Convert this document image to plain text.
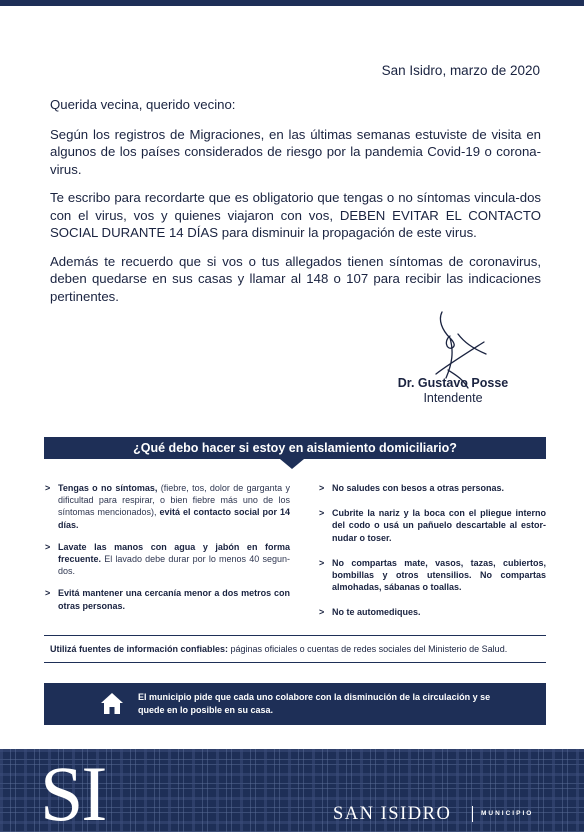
San Isidro, marzo de 2020

Querida vecina, querido vecino:

Según los registros de Migraciones, en las últimas semanas estuviste de visita en algunos de los países considerados de riesgo por la pandemia Covid-19 o corona-virus.

Te escribo para recordarte que es obligatorio que tengas o no síntomas vincula-dos con el virus, vos y quienes viajaron con vos, DEBEN EVITAR EL CONTACTO SOCIAL DURANTE 14 DÍAS para disminuir la propagación de este virus.

Además te recuerdo que si vos o tus allegados tienen síntomas de coronavirus, deben quedarse en sus casas y llamar al 148 o 107 para recibir las indicaciones pertinentes.

Dr. Gustavo Posse
Intendente
¿Qué debo hacer si estoy en aislamiento domiciliario?
> Tengas o no síntomas, (fiebre, tos, dolor de garganta y dificultad para respirar, o bien fiebre más uno de los síntomas mencionados), evitá el contacto social por 14 días.
> Lavate las manos con agua y jabón en forma frecuente. El lavado debe durar por lo menos 40 segun-dos.
> Evitá mantener una cercanía menor a dos metros con otras personas.
> No saludes con besos a otras personas.
> Cubrite la nariz y la boca con el pliegue interno del codo o usá un pañuelo descartable al estor-nudar o toser.
> No compartas mate, vasos, tazas, cubiertos, bombillas y otros utensilios. No compartas almohadas, sábanas o toallas.
> No te automediques.
Utilizá fuentes de información confiables: páginas oficiales o cuentas de redes sociales del Ministerio de Salud.
El municipio pide que cada uno colabore con la disminución de la circulación y se quede en lo posible en su casa.
SI	SAN ISIDRO	MUNICIPIO
